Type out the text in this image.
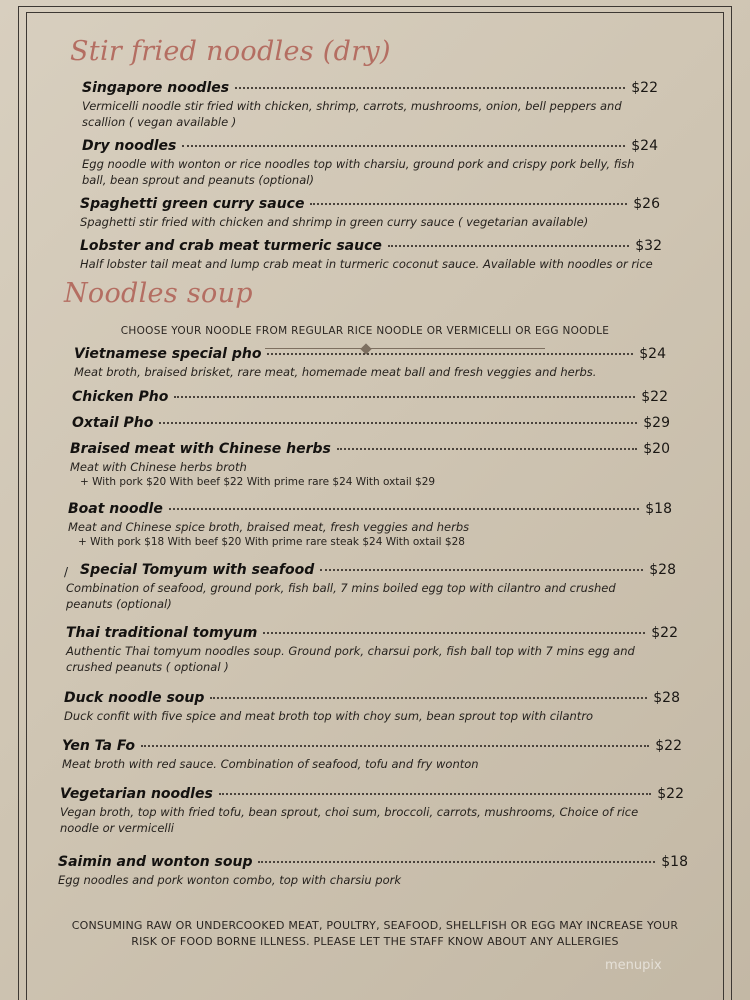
Stir fried noodles (dry)
Singapore noodles	$22
Vermicelli noodle stir fried with chicken, shrimp, carrots, mushrooms, onion, bell peppers and scallion ( vegan available )
Dry noodles	$24
Egg noodle with wonton or rice noodles top with charsiu, ground pork and crispy pork belly, fish ball, bean sprout and peanuts (optional)
Spaghetti green curry sauce	$26
Spaghetti stir fried with chicken and shrimp in green curry sauce ( vegetarian available)
Lobster and crab meat turmeric sauce	$32
Half lobster tail meat and lump crab meat in turmeric coconut sauce. Available with noodles or rice
Noodles soup
CHOOSE YOUR NOODLE FROM REGULAR RICE NOODLE OR VERMICELLI OR EGG NOODLE
Vietnamese special pho	$24
Meat broth, braised brisket, rare meat, homemade meat ball and fresh veggies and herbs.
Chicken Pho	$22
Oxtail Pho	$29
Braised meat with Chinese herbs	$20
Meat with Chinese herbs broth
+ With pork $20 With beef $22 With prime rare $24 With oxtail $29
Boat noodle	$18
Meat and Chinese spice broth, braised meat, fresh veggies and herbs
+ With pork $18 With beef $20 With prime rare steak $24 With oxtail $28
/ Special Tomyum with seafood	$28
Combination of seafood, ground pork, fish ball, 7 mins boiled egg top with cilantro and crushed peanuts (optional)
Thai traditional tomyum	$22
Authentic Thai tomyum noodles soup. Ground pork, charsui pork, fish ball top with 7 mins egg and crushed peanuts ( optional )
Duck noodle soup	$28
Duck confit with five spice and meat broth top with choy sum, bean sprout top with cilantro
Yen Ta Fo	$22
Meat broth with red sauce. Combination of seafood, tofu and fry wonton
Vegetarian noodles	$22
Vegan broth, top with fried tofu, bean sprout, choi sum, broccoli, carrots, mushrooms, Choice of rice noodle or vermicelli
Saimin and wonton soup	$18
Egg noodles and pork wonton combo, top with charsiu pork
CONSUMING RAW OR UNDERCOOKED MEAT, POULTRY, SEAFOOD, SHELLFISH OR EGG MAY INCREASE YOUR RISK OF FOOD BORNE ILLNESS. PLEASE LET THE STAFF KNOW ABOUT ANY ALLERGIES
menupix
